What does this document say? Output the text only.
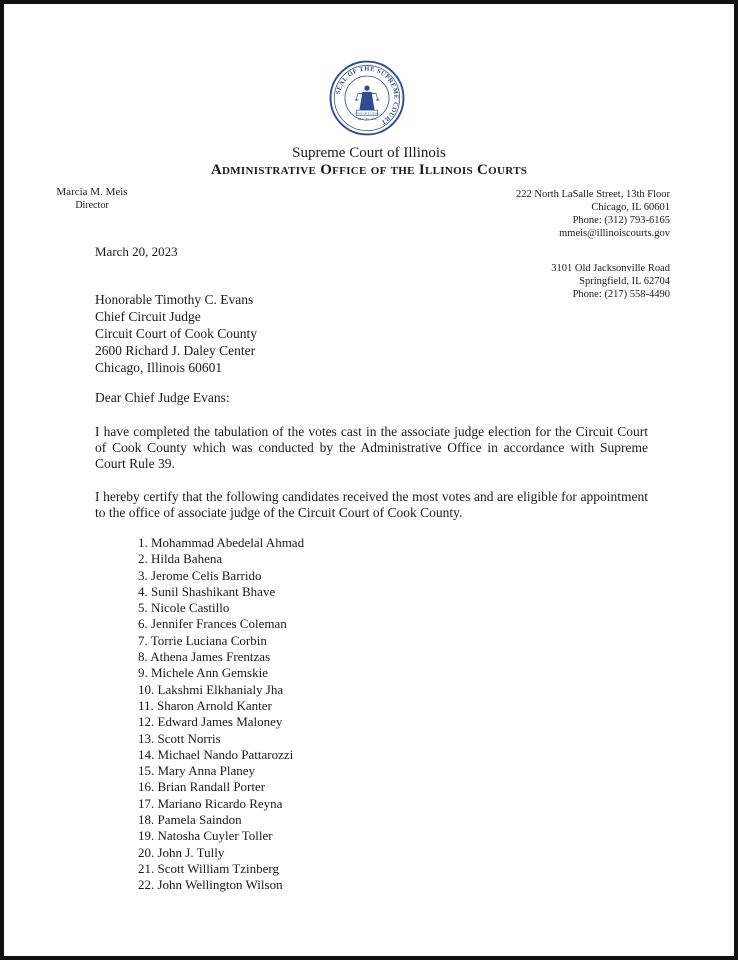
SEAL OF THE SUPREME COURT
STATE OF ILLINOIS
AUG. 26, 1818
Supreme Court of Illinois
Administrative Office of the Illinois Courts
Marcia M. Meis
Director
222 North LaSalle Street, 13th Floor
Chicago, IL 60601
Phone: (312) 793-6165
mmeis@illinoiscourts.gov
3101 Old Jacksonville Road
Springfield, IL 62704
Phone: (217) 558-4490
March 20, 2023
Honorable Timothy C. Evans
Chief Circuit Judge
Circuit Court of Cook County
2600 Richard J. Daley Center
Chicago, Illinois 60601
Dear Chief Judge Evans:
I have completed the tabulation of the votes cast in the associate judge election for the Circuit Court of Cook County which was conducted by the Administrative Office in accordance with Supreme Court Rule 39.
I hereby certify that the following candidates received the most votes and are eligible for appointment to the office of associate judge of the Circuit Court of Cook County.
1. Mohammad Abedelal Ahmad
2. Hilda Bahena
3. Jerome Celis Barrido
4. Sunil Shashikant Bhave
5. Nicole Castillo
6. Jennifer Frances Coleman
7. Torrie Luciana Corbin
8. Athena James Frentzas
9. Michele Ann Gemskie
10. Lakshmi Elkhanialy Jha
11. Sharon Arnold Kanter
12. Edward James Maloney
13. Scott Norris
14. Michael Nando Pattarozzi
15. Mary Anna Planey
16. Brian Randall Porter
17. Mariano Ricardo Reyna
18. Pamela Saindon
19. Natosha Cuyler Toller
20. John J. Tully
21. Scott William Tzinberg
22. John Wellington Wilson
